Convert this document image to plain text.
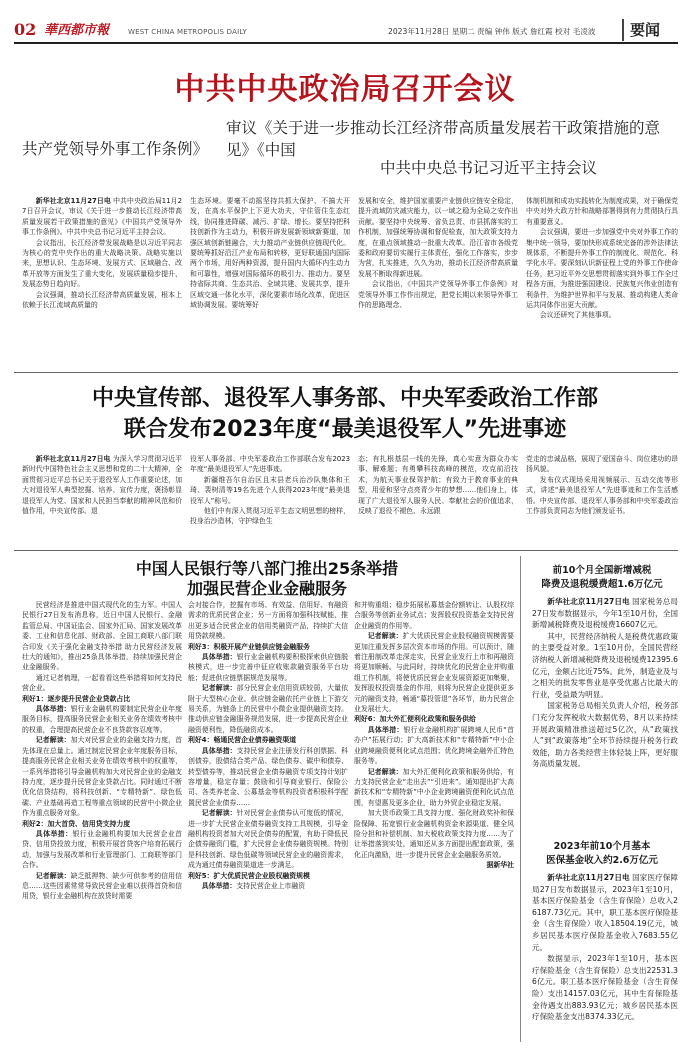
02 華西都市報	WEST CHINA METROPOLIS DAILY	2023年11月28日 星期二 责编 钟伟 版式 詹红霞 校对 毛凌波	要闻
中共中央政治局召开会议
审议《关于进一步推动长江经济带高质量发展若干政策措施的意见》《中国
共产党领导外事工作条例》
中共中央总书记习近平主持会议

新华社北京11月27日电 中共中央政治局11月27日召开会议，审议《关于进一步推动长江经济带高质量发展若干政策措施的意见》《中国共产党领导外事工作条例》。中共中央总书记习近平主持会议。

会议指出，长江经济带发展战略是以习近平同志为核心的党中央作出的重大战略决策。战略实施以来，思想认识、生态环境、发展方式、区域融合、改革开放等方面发生了重大变化，发展质量稳步提升，发展态势日趋向好。

会议强调，推动长江经济带高质量发展，根本上依赖于长江流域高质量的

生态环境。要毫不动摇坚持共抓大保护、不搞大开发，在高水平保护上下更大功夫，守住管住生态红线，协同推进降碳、减污、扩绿、增长。要坚持把科技创新作为主动力，积极开辟发展新领域新赛道，加强区域创新链融合，大力推动产业链供应链现代化。要统筹抓好沿江产业布局和转移，更好联通国内国际两个市场，用好两种资源，提升国内大循环内生动力和可靠性，增强对国际循环的吸引力、推动力。要坚持省际共商、生态共治、全域共建、发展共享，提升区域交通一体化水平，深化要素市场化改革，促进区域协调发展。要统筹好
发展和安全，维护国家重要产业链供应链安全稳定，提升流域防灾减灾能力，以一域之稳为全局之安作出贡献。要坚持中央统筹、省负总责、市县抓落实的工作机制，加强统筹协调和督促检查，加大政策支持力度，在重点领域推动一批重大改革。沿江省市各级党委和政府要切实履行主体责任，强化工作落实，步步为营，扎实推进，久久为功，推动长江经济带高质量发展不断取得新进展。

会议指出，《中国共产党领导外事工作条例》对党领导外事工作作出规定，把党长期以来领导外事工作的思路理念、

体制机制和成功实践转化为制度成果，对于确保党中央对外大政方针和战略部署得到有力贯彻执行具有重要意义。

会议强调，要进一步加强党中央对外事工作的集中统一领导，要加快形成系统完备的涉外法律法规体系，不断提升外事工作的制度化、规范化、科学化水平。要深刻认识新征程上党的外事工作使命任务，把习近平外交思想贯彻落实到外事工作全过程各方面，为推进强国建设、民族复兴伟业创造有利条件，为维护世界和平与发展、推动构建人类命运共同体作出更大贡献。

会议还研究了其他事项。

中央宣传部、退役军人事务部、中央军委政治工作部
联合发布2023年度“最美退役军人”先进事迹

新华社北京11月27日电 为深入学习贯彻习近平新时代中国特色社会主义思想和党的二十大精神，全面贯彻习近平总书记关于退役军人工作重要论述，加大对退役军人典型挖掘、培养、宣传力度，褒扬彰显退役军人为党、国家和人民担当奉献的精神风范和价值作用，中央宣传部、退

役军人事务部、中央军委政治工作部联合发布2023年度“最美退役军人”先进事迹。

新疆维吾尔自治区且末县老兵治沙队集体和王琦、裴树清等19名先进个人获得2023年度“最美退役军人”称号。

他们中有深入贯彻习近平生态文明思想的榜样，投身治沙造林，守护绿色生

态；有扎根基层一线的先锋，真心实意为群众办实事、解难题；有勇攀科技高峰的模范，攻克前沿技术，为航天事业保驾护航；有致力于教育事业的典型，用爱和坚守点亮青少年的梦想……他们身上，体现了广大退役军人服务人民、奉献社会的价值追求，反映了退役不褪色、永远跟
党走的忠诚品格，展现了爱国奋斗、岗位建功的昂扬风貌。

发布仪式现场采用视频展示、互动交流等形式，讲述“最美退役军人”先进事迹和工作生活感悟。中央宣传部、退役军人事务部和中央军委政治工作部负责同志为他们颁发证书。

中国人民银行等八部门推出25条举措
加强民营企业金融服务

民营经济是推进中国式现代化的生力军。中国人民银行27日发布消息称，近日中国人民银行、金融监管总局、中国证监会、国家外汇局、国家发展改革委、工业和信息化部、财政部、全国工商联八部门联合印发《关于强化金融支持举措 助力民营经济发展壮大的通知》，推出25条具体举措，持续加强民营企业金融服务。

通过记者梳理，一起看看这些举措将如何支持民营企业。

利好1：逐步提升民营企业贷款占比

具体举措：银行业金融机构要制定民营企业年度服务目标，提高服务民营企业相关业务在绩效考核中的权重，合理提高民营企业不良贷款容忍度等。

记者解读：加大对民营企业的金融支持力度，首先体现在总量上。通过制定民营企业年度服务目标，提高服务民营企业相关业务在绩效考核中的权重等，一系列举措将引导金融机构加大对民营企业的金融支持力度，逐步提升民营企业贷款占比。同时通过不断优化信贷结构，将科技创新、“专精特新”、绿色低碳、产业基础再造工程等重点领域的民营中小微企业作为重点服务对象。

利好2：加大首贷、信用贷支持力度

具体举措：银行业金融机构要加大民营企业首贷、信用贷投放力度，积极开展首贷客户培育拓展行动，加强与发展改革和行业管理部门、工商联等部门合作。

记者解读：缺乏抵押物、缺少可供参考的信用信息……这些因素常常导致民营企业难以获得首贷和信用贷，银行业金融机构在放贷时需要

会对接合作，挖掘有市场、有效益、信用好、有融资需求的优质民营企业；另一方面将加强科技赋能，推出更多适合民营企业的信用类融资产品，持续扩大信用贷款规模。
利好3：积极开展产业链供应链金融服务

具体举措：银行业金融机构要积极探索供应链脱核模式，进一步完善中征应收账款融资服务平台功能；促进供应链票据规范发展等。

记者解读：部分民营企业信用资质较弱，大量依附于大型核心企业。供应链金融依托产业链上下游交易关系，为链条上的民营中小微企业提供融资支持。推动供应链金融服务规范发展，进一步提高民营企业融资便利性，降低融资成本。

利好4：畅通民营企业债券融资渠道

具体举措：支持民营企业注册发行科创票据、科创债券，股债结合类产品、绿色债券、碳中和债券、转型债券等，推动民营企业债券融资专项支持计划扩容增量，稳定存量；鼓励和引导商业银行、保险公司、各类养老金、公募基金等机构投资者积极科学配置民营企业债券……

记者解读：针对民营企业债券认可度低的情况，进一步扩大民营企业债券融资支持工具规模，引导金融机构投资者加大对民企债券的配置，有助于降低民企债券融资门槛，扩大民营企业债券融资规模。特别是科技创新、绿色低碳等领域民营企业的融资需求，成为通过债券融资渠道进一步满足。

利好5：扩大优质民营企业股权融资规模

具体举措：支持民营企业上市融资

和并购重组；稳步拓展私募基金份额转让、认股权综合服务等创新业务试点；发挥股权投资基金支持民营企业融资的作用等。

记者解读：扩大优质民营企业股权融资规模需要更加注重发挥多层次资本市场的作用。可以预计，随着注册制改革走深走实，民营企业发行上市和再融资将更加顺畅。与此同时，持续优化的民营企业并购重组工作机制，将使优质民营企业发展资源更加集聚，发挥股权投资基金的作用，则将为民营企业提供更多元的融资支持，畅通“募投管退”各环节，助力民营企业发展壮大。

利好6：加大外汇便利化政策和服务供给

具体举措：银行业金融机构扩展跨境人民币“首办户”拓展行动；扩大高新技术和“专精特新”中小企业跨境融资便利化试点范围；优化跨境金融外汇特色服务等。

记者解读：加大外汇便利化政策和服务供给，有力支持民营企业“走出去”“引进来”。通知提出扩大高新技术和“专精特新”中小企业跨境融资便利化试点范围，有望惠及更多企业，助力外贸企业稳定发展。

加大货币政策工具支持力度、强化财政奖补和保险保障、拓宽银行业金融机构资金来源渠道、健全风险分担和补偿机制、加大税收政策支持力度……为了让举措落到实处，通知还从多方面提出配套政策，强化正向激励，进一步提升民营企业金融服务质效。

据新华社
前10个月全国新增减税
降费及退税缓费超1.6万亿元

新华社北京11月27日电 国家税务总局27日发布数据显示，今年1至10月份，全国新增减税降费及退税缓费16607亿元。

其中，民营经济纳税人是税费优惠政策的主要受益对象。1至10月份，全国民营经济纳税人新增减税降费及退税缓费12395.6亿元，金额占比近75%。此外，制造业及与之相关的批发零售业是享受优惠占比最大的行业，受益最为明显。

国家税务总局相关负责人介绍，税务部门充分发挥税收大数据优势，8月以来持续开展政策精准推送超过5亿次，从“政策找人”到“政策落地”全环节持续提升税务行政效能，助力各类经营主体轻装上阵，更好服务高质量发展。

2023年前10个月基本
医保基金收入约2.6万亿元

新华社北京11月27日电 国家医疗保障局27日发布数据显示，2023年1至10月，基本医疗保险基金（含生育保险）总收入26187.73亿元。其中，职工基本医疗保险基金（含生育保险）收入18504.19亿元，城乡居民基本医疗保险基金收入7683.55亿元。

数据显示，2023年1至10月，基本医疗保险基金（含生育保险）总支出22531.36亿元。职工基本医疗保险基金（含生育保险）支出14157.03亿元，其中生育保险基金待遇支出883.93亿元；城乡居民基本医疗保险基金支出8374.33亿元。
